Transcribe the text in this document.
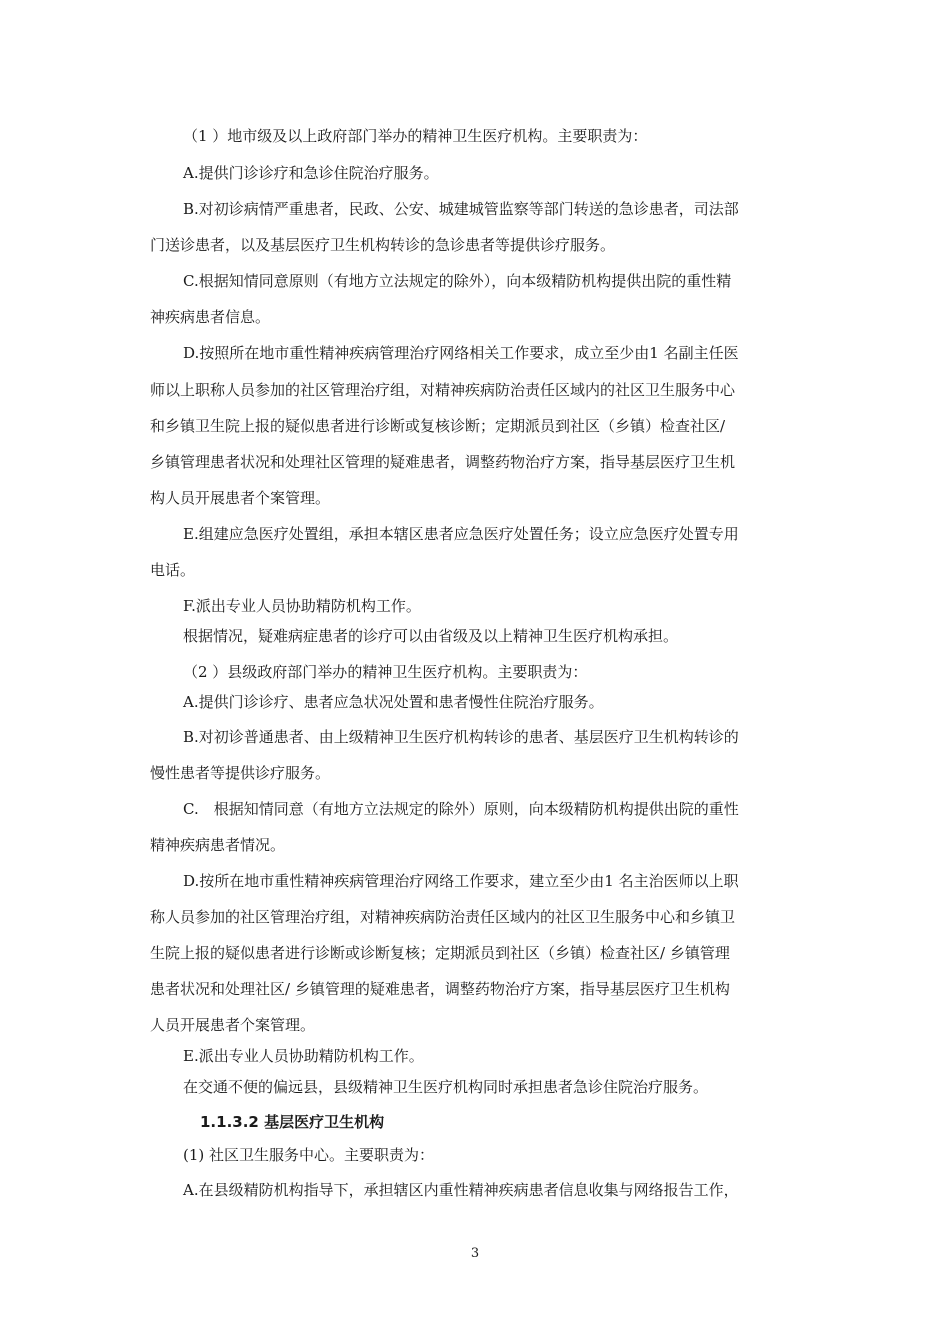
（1 ）地市级及以上政府部门举办的精神卫生医疗机构。主要职责为：
A.提供门诊诊疗和急诊住院治疗服务。
B.对初诊病情严重患者，民政、公安、城建城管监察等部门转送的急诊患者，司法部
门送诊患者，以及基层医疗卫生机构转诊的急诊患者等提供诊疗服务。
C.根据知情同意原则（有地方立法规定的除外），向本级精防机构提供出院的重性精
神疾病患者信息。
D.按照所在地市重性精神疾病管理治疗网络相关工作要求，成立至少由1 名副主任医
师以上职称人员参加的社区管理治疗组，对精神疾病防治责任区域内的社区卫生服务中心
和乡镇卫生院上报的疑似患者进行诊断或复核诊断；定期派员到社区（乡镇）检查社区/
乡镇管理患者状况和处理社区管理的疑难患者，调整药物治疗方案，指导基层医疗卫生机
构人员开展患者个案管理。
E.组建应急医疗处置组，承担本辖区患者应急医疗处置任务；设立应急医疗处置专用
电话。
F.派出专业人员协助精防机构工作。
根据情况，疑难病症患者的诊疗可以由省级及以上精神卫生医疗机构承担。
（2 ）县级政府部门举办的精神卫生医疗机构。主要职责为：
A.提供门诊诊疗、患者应急状况处置和患者慢性住院治疗服务。
B.对初诊普通患者、由上级精神卫生医疗机构转诊的患者、基层医疗卫生机构转诊的
慢性患者等提供诊疗服务。
C.　根据知情同意（有地方立法规定的除外）原则，向本级精防机构提供出院的重性
精神疾病患者情况。
D.按所在地市重性精神疾病管理治疗网络工作要求，建立至少由1 名主治医师以上职
称人员参加的社区管理治疗组，对精神疾病防治责任区域内的社区卫生服务中心和乡镇卫
生院上报的疑似患者进行诊断或诊断复核；定期派员到社区（乡镇）检查社区/ 乡镇管理
患者状况和处理社区/ 乡镇管理的疑难患者，调整药物治疗方案，指导基层医疗卫生机构
人员开展患者个案管理。
E.派出专业人员协助精防机构工作。
在交通不便的偏远县，县级精神卫生医疗机构同时承担患者急诊住院治疗服务。
1.1.3.2 基层医疗卫生机构
(1) 社区卫生服务中心。主要职责为：
A.在县级精防机构指导下，承担辖区内重性精神疾病患者信息收集与网络报告工作，
3
